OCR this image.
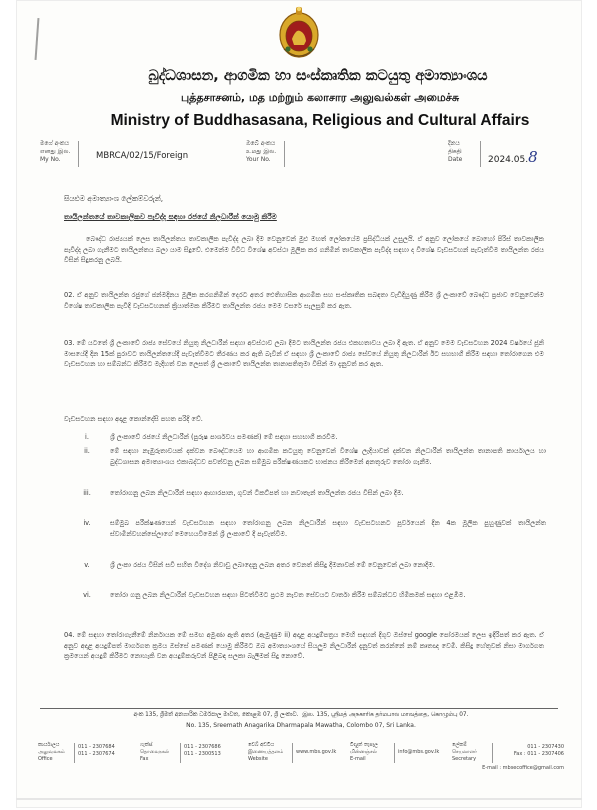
බුද්ධශාසන, ආගමික හා සංස්කෘතික කටයුතු අමාත්‍යාංශය
புத்தசாசனம், மத மற்றும் கலாசார அலுவல்கள் அமைச்சு
Ministry of Buddhasasana, Religious and Cultural Affairs
මගේ අංකය
எனது இல.
My No.	MBRCA/02/15/Foreign
ඔබේ අංකය
உமது இல.
Your No.
දිනය
திகதி
Date	2024.05.8
සියළුම අමාත්‍යාංශ ලේකම්වරුන්,
තායිලන්තයේ තාවකාලිකව පැවිද්ද සඳහා රජයේ නිලධාරීන් යොමු කිරීම
බෞද්ධ රාජ්‍යයක් ලෙස තායිලන්තය තාවකාලික පැවිද්ද ලබා දීම වෙනුවෙන් මුළු මහත් ලෝකයේම ප්‍රසිද්ධියක් උසුලයි. ඒ අනුව ලෝකයේ බොහෝ පිරිස් තාවකාලික පැවිද්ද ලබා ගැනීමට තායිලන්තය බලා යාම සිදුවේ. එමෙන්ම විවිධ විශේෂ අවස්ථා මූලික කර ගනිමින් තාවකාලික පැවිද්ද සඳහා ද විශේෂ වැඩසටහන් පැවැත්වීම තායිලන්ත රජය විසින් සිදුකරනු ලබයි.
02. ඒ අනුව තායිලන්ත රජුගේ ජන්මදිනය මූලික කරගනිමින් දෙරට අතර ඓතිහාසික ආගමික සහ සංස්කෘතික සබඳතා වැඩිදියුණු කිරීම ශ්‍රී ලංකාවේ බෞද්ධ ප්‍රජාව වෙනුවෙන්ම විශේෂ තාවකාලික පැවිදි වැඩසටහනක් ක්‍රියාත්මක කිරීමට තායිලන්ත රජය මෙම වසරේ සැලසුම් කර ඇත.
03. මේ යටතේ ශ්‍රී ලංකාවේ රාජ්‍ය සේවයේ නියුතු නිලධාරීන් සඳහා අවස්ථාව ලබා දීමට තායිලන්ත රජය එකඟතාවය ලබා දී ඇත. ඒ අනුව මෙම වැඩසටහන 2024 වර්ෂයේ ජූනි මාසයේදී දින 15ක් පුරාවට තායිලන්තයේදී පැවැත්වීමට තීරණය කර ඇති බැවින් ඒ සඳහා ශ්‍රී ලංකාවේ රාජ්‍ය සේවයේ නියුතු නිලධාරීන් ඊට සහභාගී කිරීම සඳහා තෝරාගෙන එම වැඩසටහන හා සම්බන්ධ කිරීමට මැදිහත් වන ලෙසත් ශ්‍රී ලංකාවේ තායිලන්ත තානාපතිතුමා විසින් මා දැනුවත් කර ඇත.
වැඩසටහන සඳහා අදාළ කොන්දේසි පහත පරිදි වේ.
i.	ශ්‍රී ලංකාවේ රජයේ නිලධාරීන් (පුරුෂ පාර්ශවය පමණක්) මේ සඳහා සහභාගී කරවීම.
ii.	මේ සඳහා නැඹුරුතාවයක් දක්වන බෞද්ධයෙම හා ආගමික කටයුතු වෙනුවෙන් විශේෂ ලැදියාවක් දක්වන නිලධාරීන් තායිලන්ත තානාපති කාර්යාලය හා බුද්ධශාසන අමාත්‍යාංශය එකාබද්ධව පවත්වනු ලබන සම්මුඛ පරීක්ෂණයකට භාජනය කිරීමෙන් අනතුරුව තෝරා ගැනීම.
iii.	තෝරාගනු ලබන නිලධාරීන් සඳහා ආහාරපාන, ගුවන් ටිකට්පත් හා නවාතැන් තායිලන්ත රජය විසින් ලබා දීම.
iv.	සම්මුඛ පරීක්ෂණයෙන් වැඩසටහන සඳහා තෝරාගනු ලබන නිලධාරීන් සඳහා වැඩසටහනට පූර්වයෙන් දින 4ක මූලික පුහුණුවක් තායිලන්ත ස්වාමීන්වහන්සේලාගේ මෙහෙයවීමෙන් ශ්‍රී ලංකාවේ දී පැවැත්වීම.
v.	ශ්‍රී ලංකා රජය විසින් සවි සහිත විදේශ නිවාඩු ලබාදෙනු ලබන අතර වෙනත් කිසිදු දීමනාවක් මේ වෙනුවෙන් ලබා නොදීම.
vi.	තෝරා ගනු ලබන නිලධාරීන් වැඩසටහන සඳහා පිටත්වීමට ප්‍රථම නැවත සේවයට වාර්තා කිරීම සම්බන්ධව හිමිකමක් සඳහා එළඹීම.
04. මේ සඳහා තෝරාගැනීමේ නිර්නායක මේ සමඟ අමුණා ඇති අතර (ඇමුණුම ii) අදාළ අයදුම්පත්‍රය මෙහි සඳහන් දිගුව ඔස්සේ google පෝරමයක් ලෙස ඉදිරිපත් කර ඇත. ඒ අනුව අදාළ අයදුම්පත් මාර්ගගත ක්‍රමය ඔස්සේ පමණක් යොමු කිරීමට ඔබ අමාත්‍යාංශයේ සියලුම නිලධාරීන් දැනුවත් කරන්නේ නම් කෘතඥ වෙමි. කිසිදු හේතුවක් නිසා මාර්ගගත ක්‍රමයෙන් අයදුම් කිරීමට නොහැකි වන අයදුම්කරුවන් පිළිබඳ සලකා බැලීමක් සිදු නොවේ.
අංක 135, ශ්‍රීමත් අනගාරික ධර්මපාල මාවත, කොළඹ 07, ශ්‍රී ලංකාව. இல. 135, ஸ்ரீமத் அநகாரிக தர்மபால மாவத்தை, கொழும்பு 07.
No. 135, Sreemath Anagarika Dharmapala Mawatha, Colombo 07, Sri Lanka.
කාර්යාලය
அலுவலகம்
Office
011 - 2307684
011 - 2307674
ෆැක්ස්
தொலைநகல்
Fax
011 - 2307686
011 - 2300513
වෙබ් අඩවිය
இணையத்தளம்
Website
www.mbs.gov.lk
විද්‍යුත් තැපෑල
மின்னஞ்சல்
E-mail
info@mbs.gov.lk
ලේකම්
செயலாளர்
Secretary
011 - 2307430
Fax : 011 - 2307406
E-mail : mbsecoffice@gmail.com
